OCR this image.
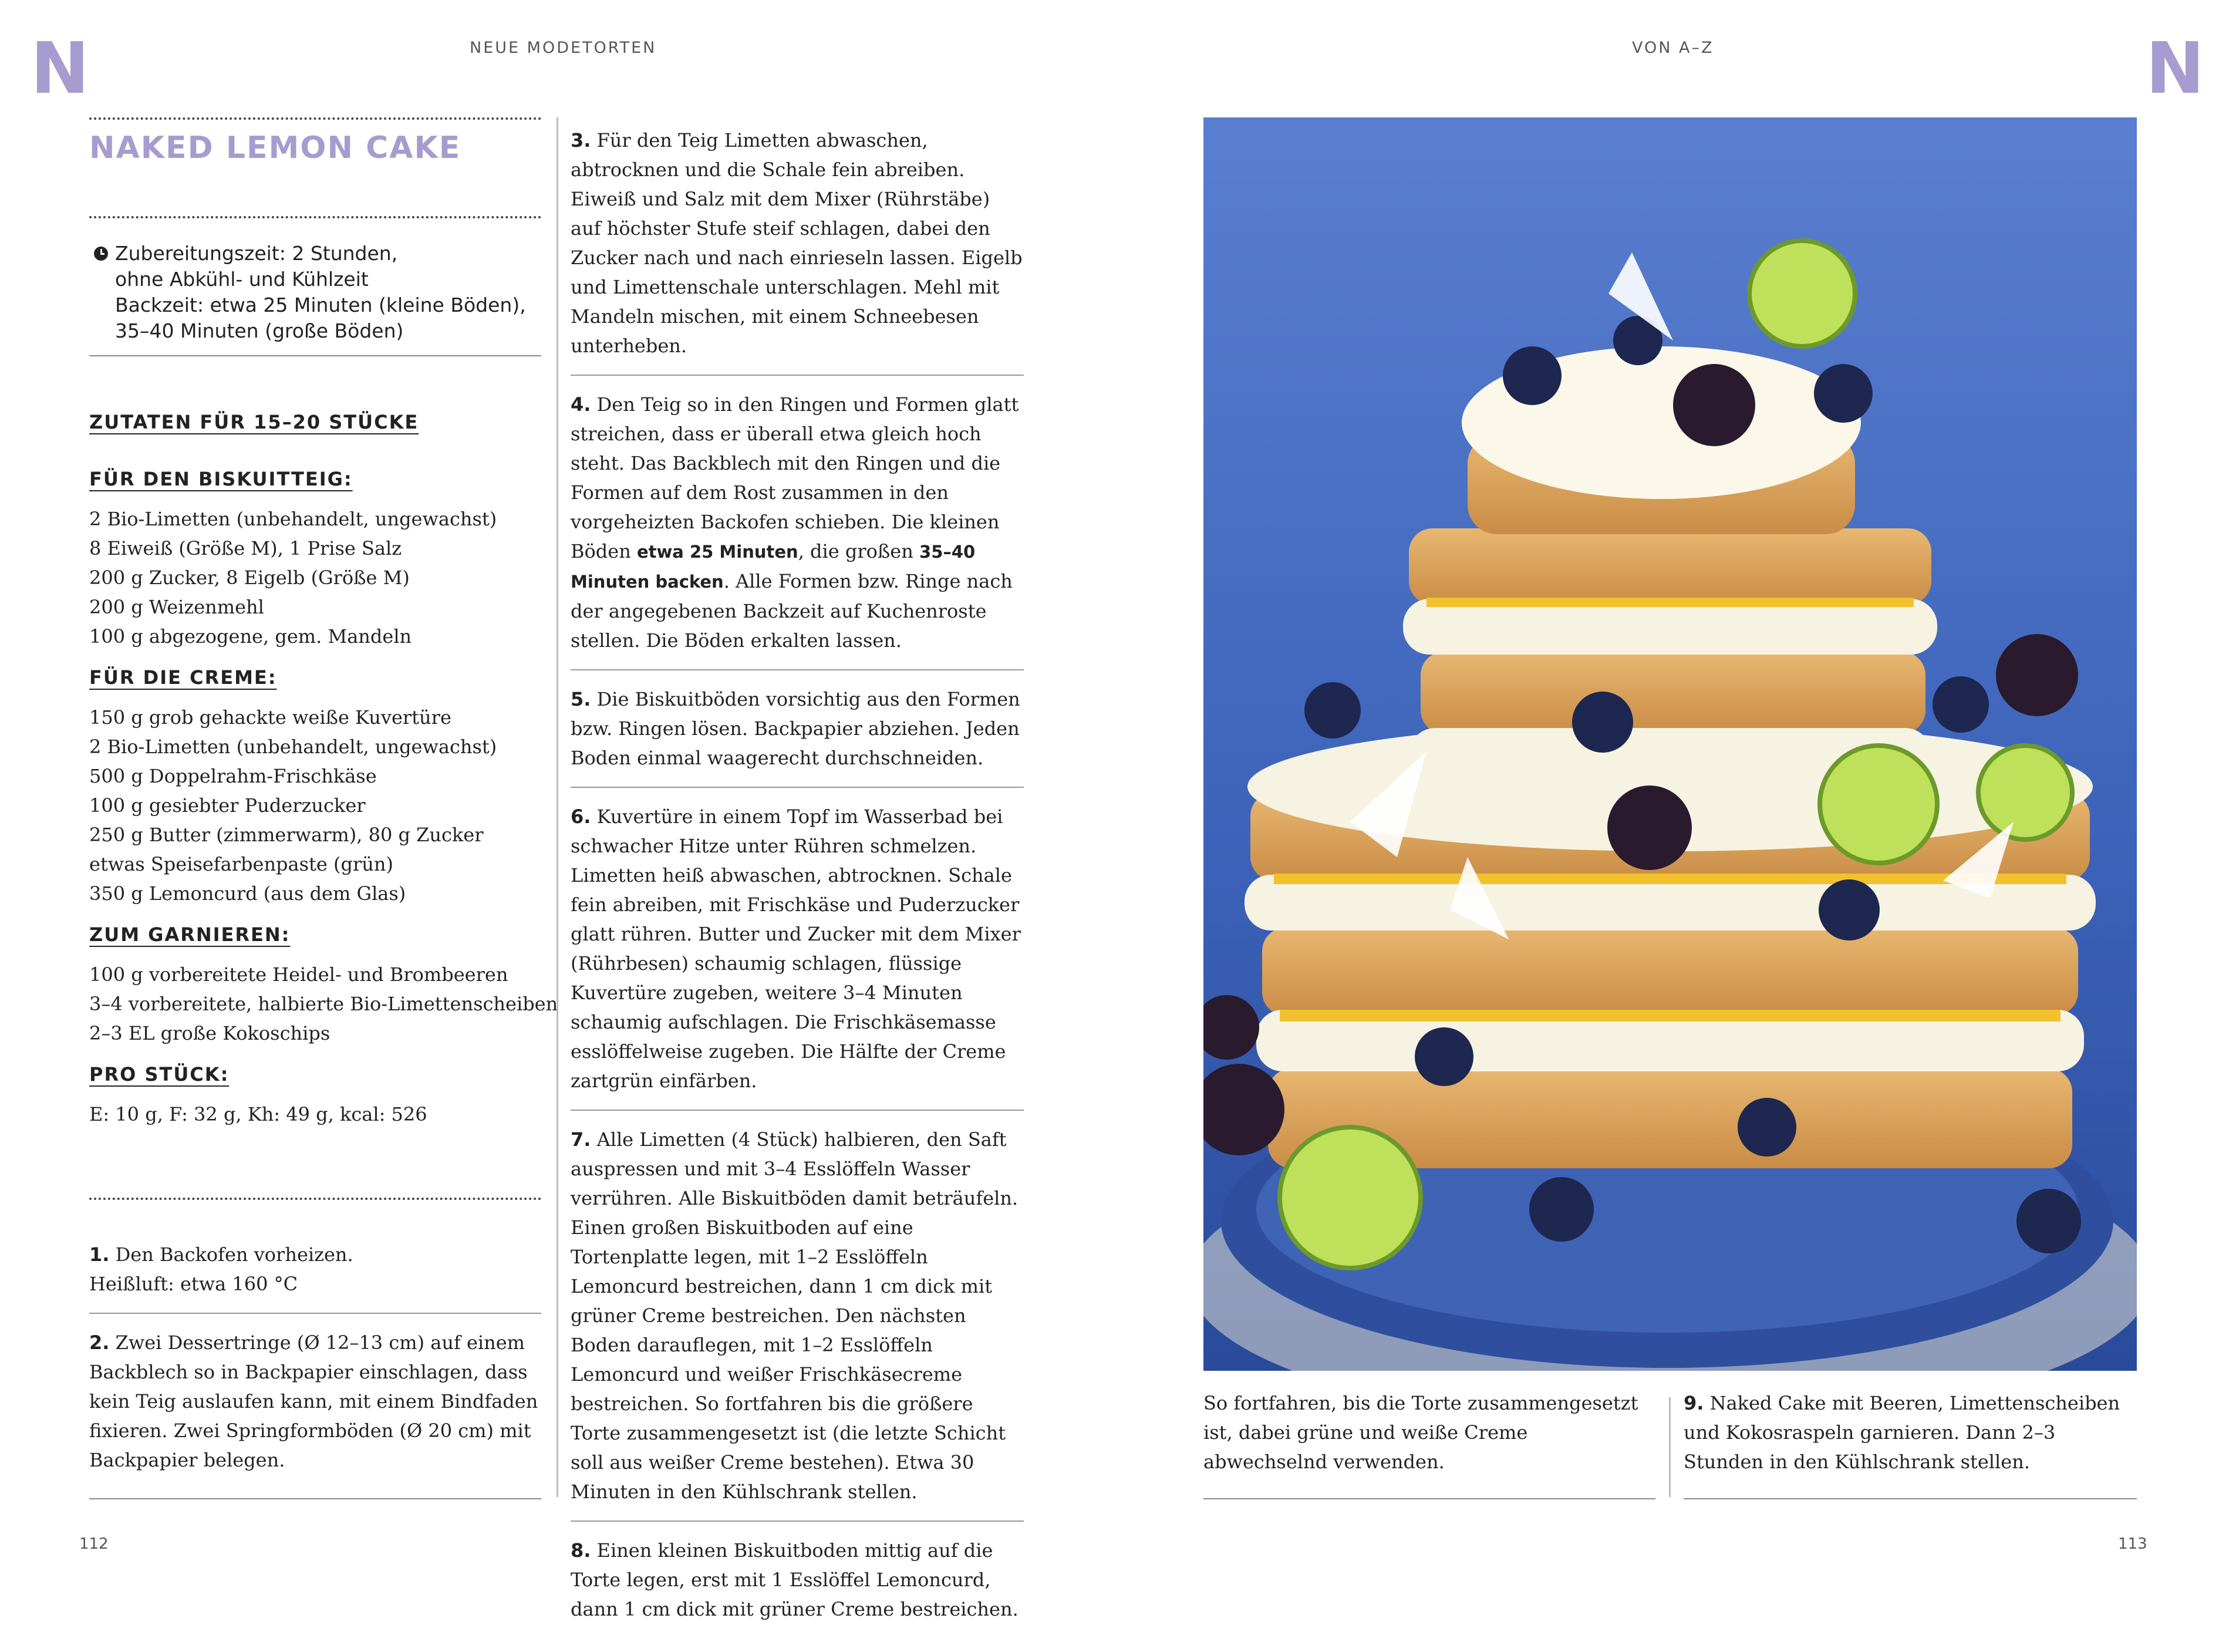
N	N
NEUE MODETORTEN	VON A–Z
NAKED LEMON CAKE
Zubereitungszeit: 2 Stunden,
ohne Abkühl- und Kühlzeit
Backzeit: etwa 25 Minuten (kleine Böden),
35–40 Minuten (große Böden)
ZUTATEN FÜR 15–20 STÜCKE
FÜR DEN BISKUITTEIG:
2 Bio-Limetten (unbehandelt, ungewachst)
8 Eiweiß (Größe M), 1 Prise Salz
200 g Zucker, 8 Eigelb (Größe M)
200 g Weizenmehl
100 g abgezogene, gem. Mandeln
FÜR DIE CREME:
150 g grob gehackte weiße Kuvertüre
2 Bio-Limetten (unbehandelt, ungewachst)
500 g Doppelrahm-Frischkäse
100 g gesiebter Puderzucker
250 g Butter (zimmerwarm), 80 g Zucker
etwas Speisefarbenpaste (grün)
350 g Lemoncurd (aus dem Glas)
ZUM GARNIEREN:
100 g vorbereitete Heidel- und Brombeeren
3–4 vorbereitete, halbierte Bio-Limettenscheiben
2–3 EL große Kokoschips
PRO STÜCK:
E: 10 g, F: 32 g, Kh: 49 g, kcal: 526
1. Den Backofen vorheizen.
Heißluft: etwa 160 °C
2. Zwei Dessertringe (Ø 12–13 cm) auf einem Backblech so in Backpapier einschlagen, dass kein Teig auslaufen kann, mit einem Bindfaden fixieren. Zwei Springformböden (Ø 20 cm) mit Backpapier belegen.
3. Für den Teig Limetten abwaschen, abtrocknen und die Schale fein abreiben. Eiweiß und Salz mit dem Mixer (Rührstäbe) auf höchster Stufe steif schlagen, dabei den Zucker nach und nach einrieseln lassen. Eigelb und Limettenschale unterschlagen. Mehl mit Mandeln mischen, mit einem Schneebesen unterheben.
4. Den Teig so in den Ringen und Formen glatt streichen, dass er überall etwa gleich hoch steht. Das Backblech mit den Ringen und die Formen auf dem Rost zusammen in den vorgeheizten Backofen schieben. Die kleinen Böden etwa 25 Minuten, die großen 35–40 Minuten backen. Alle Formen bzw. Ringe nach der angegebenen Backzeit auf Kuchenroste stellen. Die Böden erkalten lassen.
5. Die Biskuitböden vorsichtig aus den Formen bzw. Ringen lösen. Backpapier abziehen. Jeden Boden einmal waagerecht durchschneiden.
6. Kuvertüre in einem Topf im Wasserbad bei schwacher Hitze unter Rühren schmelzen. Limetten heiß abwaschen, abtrocknen. Schale fein abreiben, mit Frischkäse und Puderzucker glatt rühren. Butter und Zucker mit dem Mixer (Rührbesen) schaumig schlagen, flüssige Kuvertüre zugeben, weitere 3–4 Minuten schaumig aufschlagen. Die Frischkäsemasse esslöffelweise zugeben. Die Hälfte der Creme zartgrün einfärben.
7. Alle Limetten (4 Stück) halbieren, den Saft auspressen und mit 3–4 Esslöffeln Wasser verrühren. Alle Biskuitböden damit beträufeln. Einen großen Biskuitboden auf eine Tortenplatte legen, mit 1–2 Esslöffeln Lemoncurd bestreichen, dann 1 cm dick mit grüner Creme bestreichen. Den nächsten Boden darauflegen, mit 1–2 Esslöffeln Lemoncurd und weißer Frischkäsecreme bestreichen. So fortfahren bis die größere Torte zusammengesetzt ist (die letzte Schicht soll aus weißer Creme bestehen). Etwa 30 Minuten in den Kühlschrank stellen.
8. Einen kleinen Biskuitboden mittig auf die Torte legen, erst mit 1 Esslöffel Lemoncurd, dann 1 cm dick mit grüner Creme bestreichen.
So fortfahren, bis die Torte zusammengesetzt ist, dabei grüne und weiße Creme abwechselnd verwenden.
9. Naked Cake mit Beeren, Limettenscheiben und Kokosraspeln garnieren. Dann 2–3 Stunden in den Kühlschrank stellen.
112	113
